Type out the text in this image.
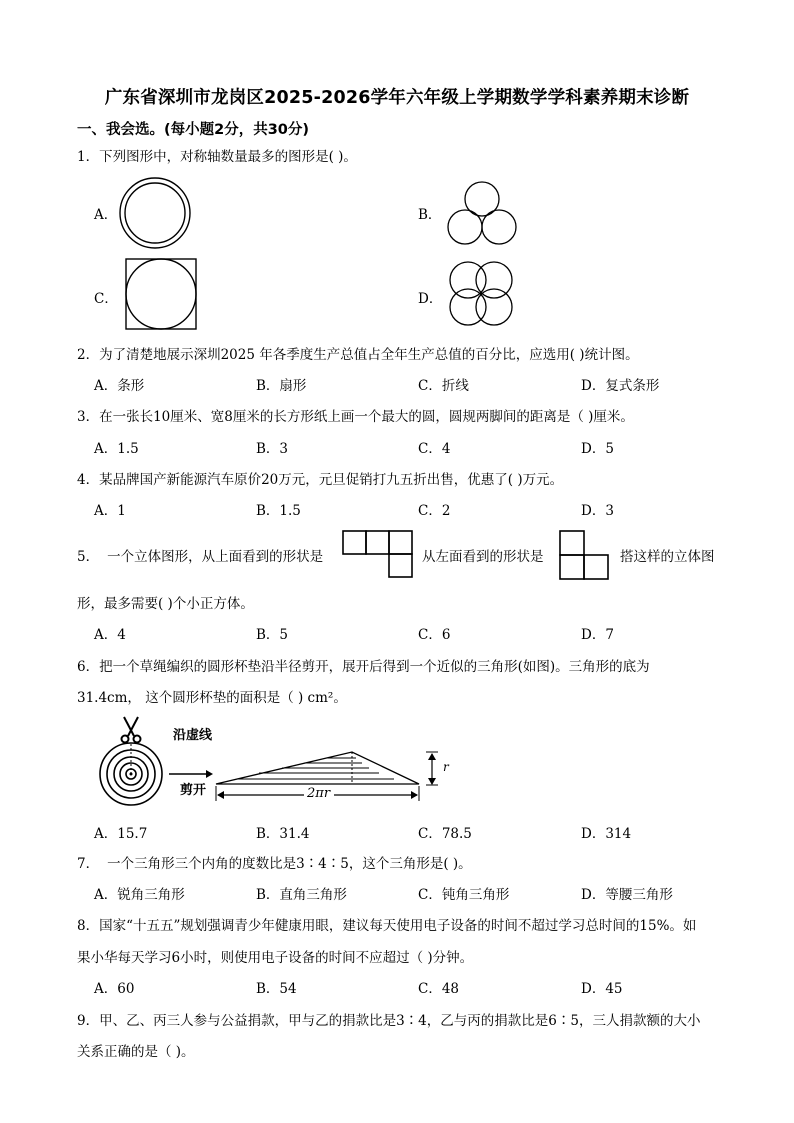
广东省深圳市龙岗区2025-2026学年六年级上学期数学学科素养期末诊断
一、我会选。(每小题2分，共30分)
1．下列图形中，对称轴数量最多的图形是( )。
A．	B．
C．	D．
2．为了清楚地展示深圳2025 年各季度生产总值占全年生产总值的百分比，应选用( )统计图。
A．条形	B．扇形	C．折线	D．复式条形
3．在一张长10厘米、宽8厘米的长方形纸上画一个最大的圆，圆规两脚间的距离是（ )厘米。
A．1.5	B．3	C．4	D．5
4．某品牌国产新能源汽车原价20万元，元旦促销打九五折出售，优惠了( )万元。
A．1	B．1.5	C．2	D．3
5． 一个立体图形，从上面看到的形状是	从左面看到的形状是	搭这样的立体图
形，最多需要( )个小正方体。
A．4	B．5	C．6	D．7
6．把一个草绳编织的圆形杯垫沿半径剪开，展开后得到一个近似的三角形(如图)。三角形的底为
31.4cm， 这个圆形杯垫的面积是（ ) cm²。
沿虚线
剪开	2πr
r
A．15.7	B．31.4	C．78.5	D．314
7． 一个三角形三个内角的度数比是3∶4∶5，这个三角形是( )。
A．锐角三角形	B．直角三角形	C．钝角三角形	D．等腰三角形
8．国家“十五五”规划强调青少年健康用眼，建议每天使用电子设备的时间不超过学习总时间的15%。如
果小华每天学习6小时，则使用电子设备的时间不应超过（ )分钟。
A．60	B．54	C．48	D．45
9．甲、乙、丙三人参与公益捐款，甲与乙的捐款比是3∶4，乙与丙的捐款比是6∶5，三人捐款额的大小
关系正确的是（ )。
